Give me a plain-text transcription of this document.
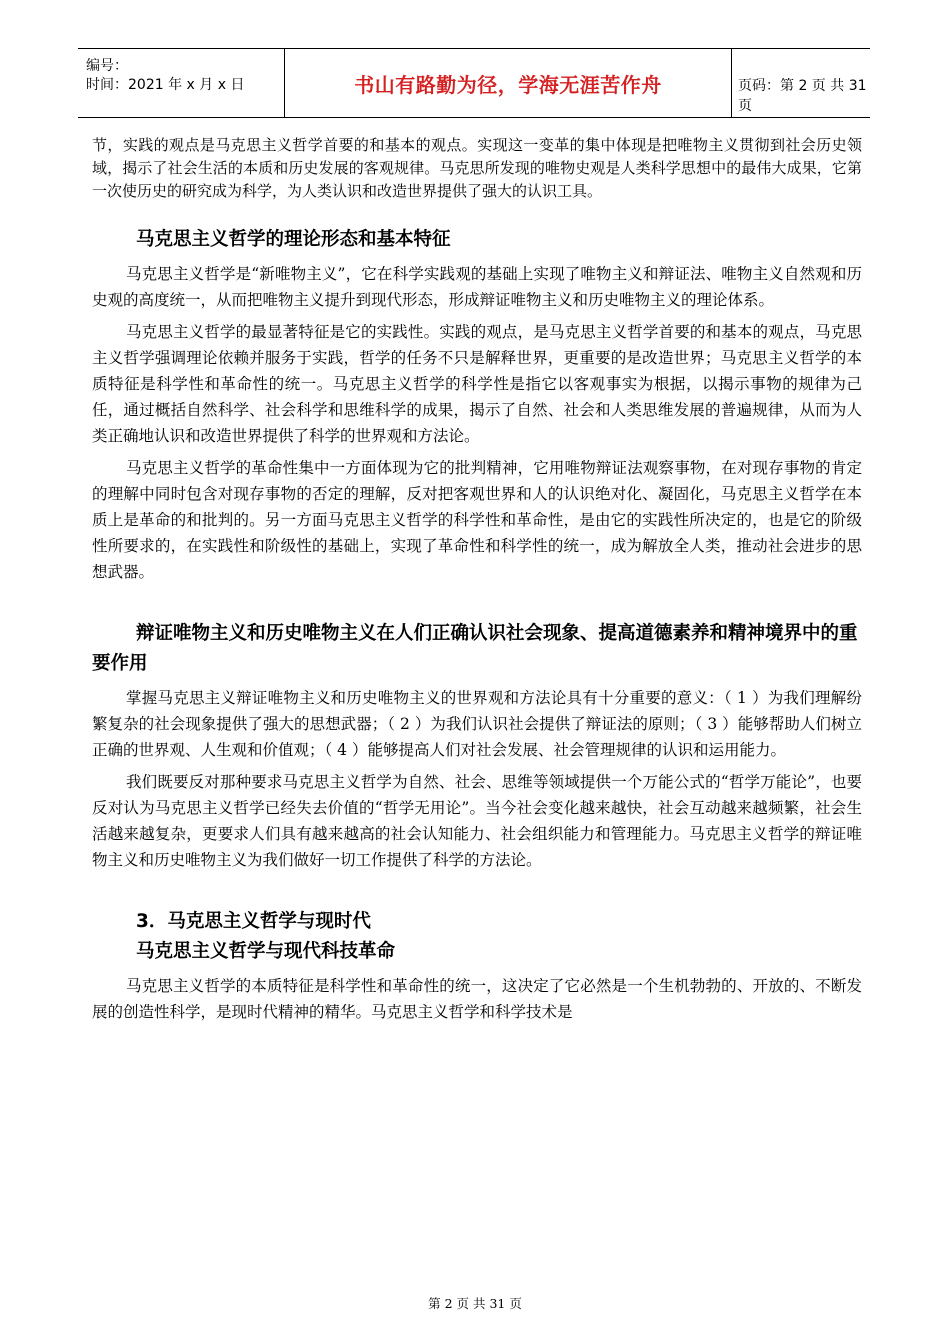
编号：
时间：2021 年 x 月 x 日	书山有路勤为径，学海无涯苦作舟	页码：第 2 页 共 31 页

节，实践的观点是马克思主义哲学首要的和基本的观点。实现这一变革的集中体现是把唯物主义贯彻到社会历史领域，揭示了社会生活的本质和历史发展的客观规律。马克思所发现的唯物史观是人类科学思想中的最伟大成果，它第一次使历史的研究成为科学，为人类认识和改造世界提供了强大的认识工具。

马克思主义哲学的理论形态和基本特征

马克思主义哲学是“新唯物主义”，它在科学实践观的基础上实现了唯物主义和辩证法、唯物主义自然观和历史观的高度统一，从而把唯物主义提升到现代形态，形成辩证唯物主义和历史唯物主义的理论体系。

马克思主义哲学的最显著特征是它的实践性。实践的观点，是马克思主义哲学首要的和基本的观点，马克思主义哲学强调理论依赖并服务于实践，哲学的任务不只是解释世界，更重要的是改造世界；马克思主义哲学的本质特征是科学性和革命性的统一。马克思主义哲学的科学性是指它以客观事实为根据，以揭示事物的规律为己任，通过概括自然科学、社会科学和思维科学的成果，揭示了自然、社会和人类思维发展的普遍规律，从而为人类正确地认识和改造世界提供了科学的世界观和方法论。

马克思主义哲学的革命性集中一方面体现为它的批判精神，它用唯物辩证法观察事物，在对现存事物的肯定的理解中同时包含对现存事物的否定的理解，反对把客观世界和人的认识绝对化、凝固化，马克思主义哲学在本质上是革命的和批判的。另一方面马克思主义哲学的科学性和革命性，是由它的实践性所决定的，也是它的阶级性所要求的，在实践性和阶级性的基础上，实现了革命性和科学性的统一，成为解放全人类，推动社会进步的思想武器。

辩证唯物主义和历史唯物主义在人们正确认识社会现象、提高道德素养和精神境界中的重要作用

掌握马克思主义辩证唯物主义和历史唯物主义的世界观和方法论具有十分重要的意义：（ 1 ）为我们理解纷繁复杂的社会现象提供了强大的思想武器；（ 2 ）为我们认识社会提供了辩证法的原则；（ 3 ）能够帮助人们树立正确的世界观、人生观和价值观；（ 4 ）能够提高人们对社会发展、社会管理规律的认识和运用能力。

我们既要反对那种要求马克思主义哲学为自然、社会、思维等领域提供一个万能公式的“哲学万能论”，也要反对认为马克思主义哲学已经失去价值的“哲学无用论”。当今社会变化越来越快，社会互动越来越频繁，社会生活越来越复杂，更要求人们具有越来越高的社会认知能力、社会组织能力和管理能力。马克思主义哲学的辩证唯物主义和历史唯物主义为我们做好一切工作提供了科学的方法论。

3．马克思主义哲学与现时代
马克思主义哲学与现代科技革命

马克思主义哲学的本质特征是科学性和革命性的统一，这决定了它必然是一个生机勃勃的、开放的、不断发展的创造性科学，是现时代精神的精华。马克思主义哲学和科学技术是

第 2 页 共 31 页
